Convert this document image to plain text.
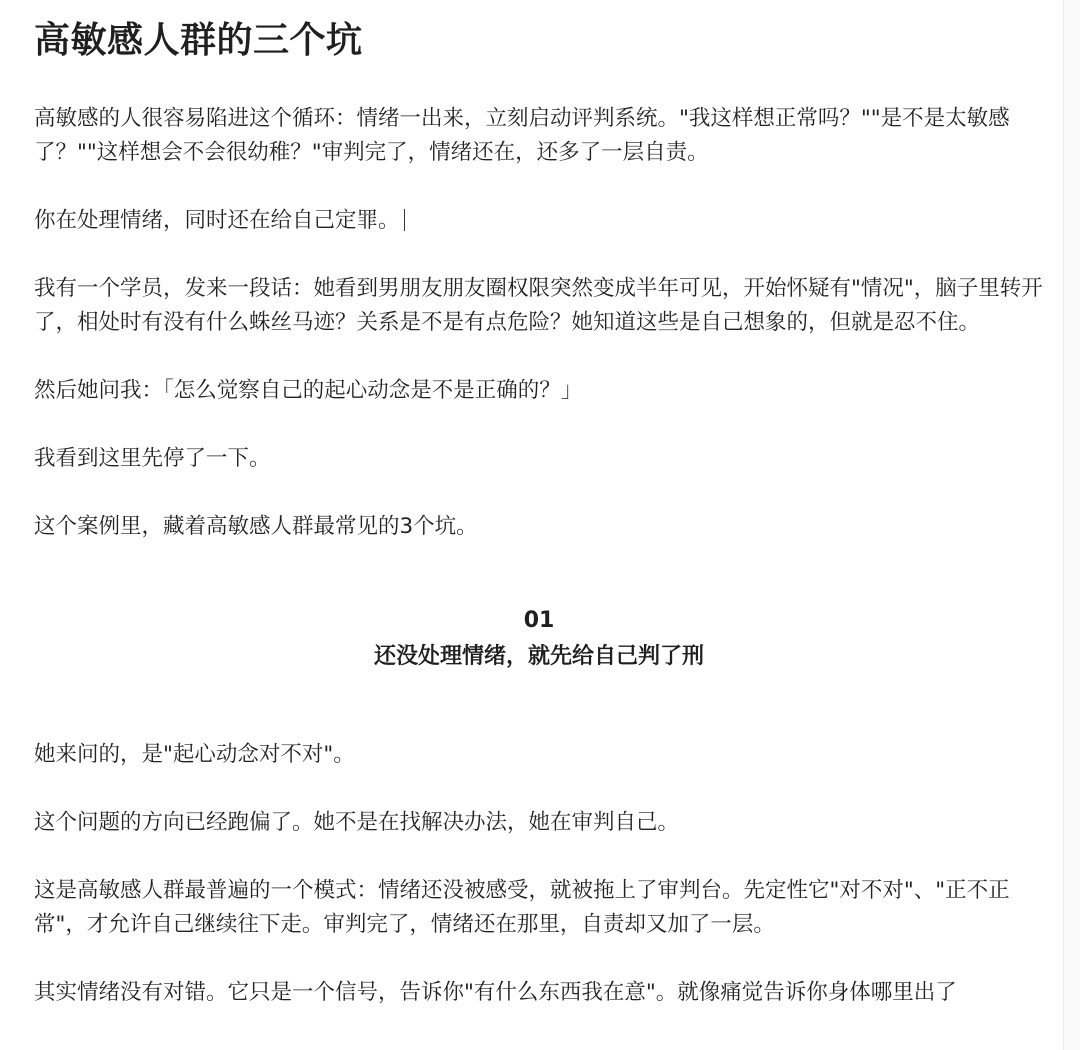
高敏感人群的三个坑

高敏感的人很容易陷进这个循环：情绪一出来，立刻启动评判系统。"我这样想正常吗？""是不是太敏感了？""这样想会不会很幼稚？"审判完了，情绪还在，还多了一层自责。

你在处理情绪，同时还在给自己定罪。

我有一个学员，发来一段话：她看到男朋友朋友圈权限突然变成半年可见，开始怀疑有"情况"，脑子里转开了，相处时有没有什么蛛丝马迹？关系是不是有点危险？她知道这些是自己想象的，但就是忍不住。

然后她问我：「怎么觉察自己的起心动念是不是正确的？」

我看到这里先停了一下。

这个案例里，藏着高敏感人群最常见的3个坑。

01
还没处理情绪，就先给自己判了刑

她来问的，是"起心动念对不对"。

这个问题的方向已经跑偏了。她不是在找解决办法，她在审判自己。

这是高敏感人群最普遍的一个模式：情绪还没被感受，就被拖上了审判台。先定性它"对不对"、"正不正常"，才允许自己继续往下走。审判完了，情绪还在那里，自责却又加了一层。

其实情绪没有对错。它只是一个信号，告诉你"有什么东西我在意"。就像痛觉告诉你身体哪里出了
